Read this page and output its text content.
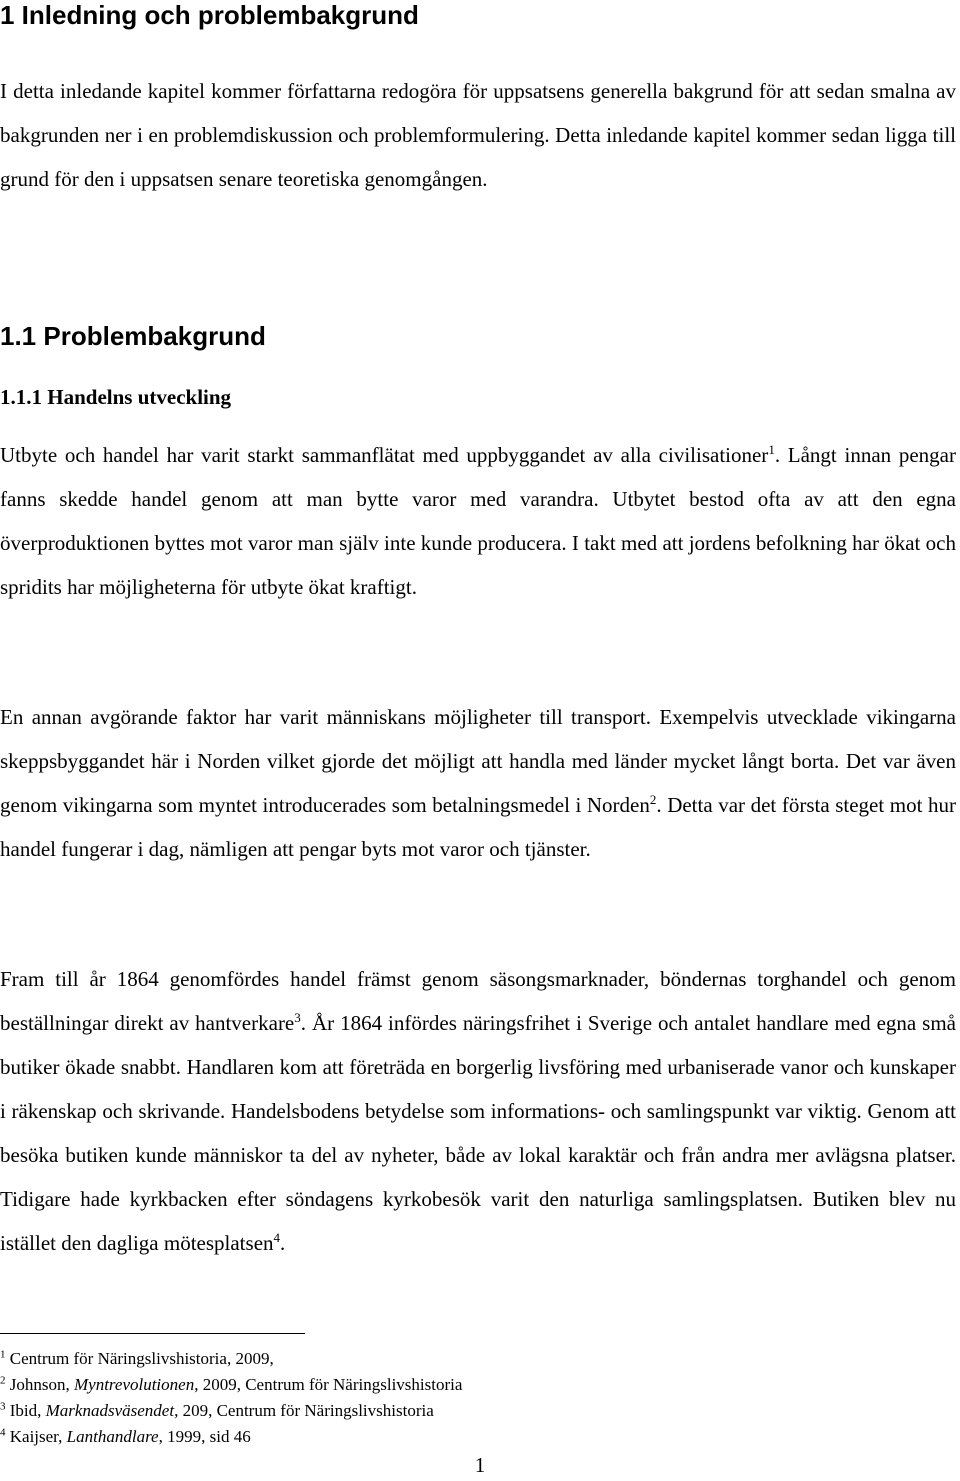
1 Inledning och problembakgrund

I detta inledande kapitel kommer författarna redogöra för uppsatsens generella bakgrund för att sedan smalna av bakgrunden ner i en problemdiskussion och problemformulering. Detta inledande kapitel kommer sedan ligga till grund för den i uppsatsen senare teoretiska genomgången.

1.1 Problembakgrund
1.1.1 Handelns utveckling

Utbyte och handel har varit starkt sammanflätat med uppbyggandet av alla civilisationer$^1$. Långt innan pengar fanns skedde handel genom att man bytte varor med varandra. Utbytet bestod ofta av att den egna överproduktionen byttes mot varor man själv inte kunde producera. I takt med att jordens befolkning har ökat och spridits har möjligheterna för utbyte ökat kraftigt.

En annan avgörande faktor har varit människans möjligheter till transport. Exempelvis utvecklade vikingarna skeppsbyggandet här i Norden vilket gjorde det möjligt att handla med länder mycket långt borta. Det var även genom vikingarna som myntet introducerades som betalningsmedel i Norden$^2$. Detta var det första steget mot hur handel fungerar i dag, nämligen att pengar byts mot varor och tjänster.

Fram till år 1864 genomfördes handel främst genom säsongsmarknader, böndernas torghandel och genom beställningar direkt av hantverkare$^3$. År 1864 infördes näringsfrihet i Sverige och antalet handlare med egna små butiker ökade snabbt. Handlaren kom att företräda en borgerlig livsföring med urbaniserade vanor och kunskaper i räkenskap och skrivande. Handelsbodens betydelse som informations- och samlingspunkt var viktig. Genom att besöka butiken kunde människor ta del av nyheter, både av lokal karaktär och från andra mer avlägsna platser. Tidigare hade kyrkbacken efter söndagens kyrkobesök varit den naturliga samlingsplatsen. Butiken blev nu istället den dagliga mötesplatsen$^4$.

$^1$ Centrum för Näringslivshistoria, 2009,
$^2$ Johnson, Myntrevolutionen, 2009, Centrum för Näringslivshistoria
$^3$ Ibid, Marknadsväsendet, 209, Centrum för Näringslivshistoria
$^4$ Kaijser, Lanthandlare, 1999, sid 46
1
